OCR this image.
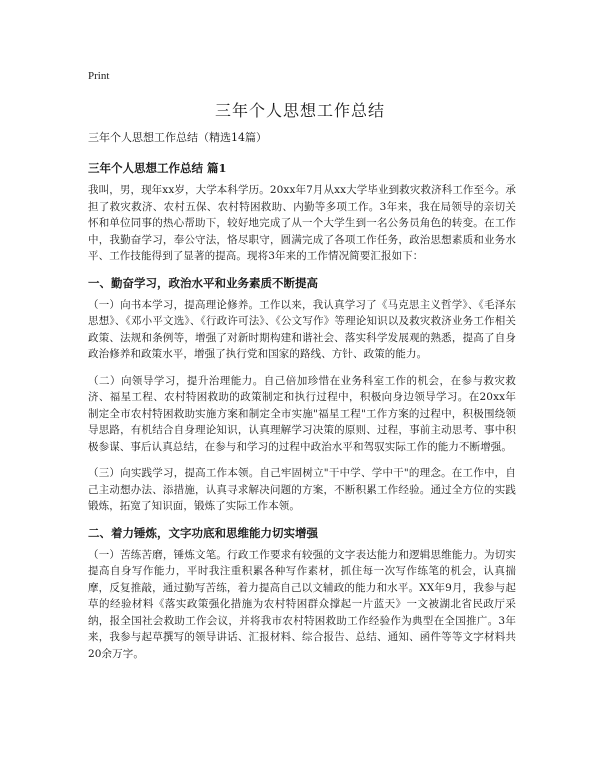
Print
三年个人思想工作总结
三年个人思想工作总结（精选14篇）
三年个人思想工作总结 篇1

我叫，男，现年xx岁，大学本科学历。20xx年7月从xx大学毕业到救灾救济科工作至今。承担了救灾救济、农村五保、农村特困救助、内勤等多项工作。3年来，我在局领导的亲切关怀和单位同事的热心帮助下，较好地完成了从一个大学生到一名公务员角色的转变。在工作中，我勤奋学习，奉公守法，恪尽职守，圆满完成了各项工作任务，政治思想素质和业务水平、工作技能得到了显著的提高。现将3年来的工作情况简要汇报如下：

一、勤奋学习，政治水平和业务素质不断提高

（一）向书本学习，提高理论修养。工作以来，我认真学习了《马克思主义哲学》、《毛泽东思想》、《邓小平文选》、《行政许可法》、《公文写作》等理论知识以及救灾救济业务工作相关政策、法规和条例等，增强了对新时期构建和谐社会、落实科学发展观的熟悉，提高了自身政治修养和政策水平，增强了执行党和国家的路线、方针、政策的能力。

（二）向领导学习，提升治理能力。自己倍加珍惜在业务科室工作的机会，在参与救灾救济、福星工程、农村特困救助的政策制定和执行过程中，积极向身边领导学习。在20xx年制定全市农村特困救助实施方案和制定全市实施"福星工程"工作方案的过程中，积极围绕领导思路，有机结合自身理论知识，认真理解学习决策的原则、过程，事前主动思考、事中积极参谋、事后认真总结，在参与和学习的过程中政治水平和驾驭实际工作的能力不断增强。

（三）向实践学习，提高工作本领。自己牢固树立"干中学、学中干"的理念。在工作中，自己主动想办法、添措施，认真寻求解决问题的方案，不断积累工作经验。通过全方位的实践锻炼，拓宽了知识面，锻炼了实际工作本领。

二、着力锤炼，文字功底和思维能力切实增强

（一）苦练苦磨，锤炼文笔。行政工作要求有较强的文字表达能力和逻辑思维能力。为切实提高自身写作能力，平时我注重积累各种写作素材，抓住每一次写作练笔的机会，认真揣摩，反复推敲，通过勤写苦练，着力提高自己以文辅政的能力和水平。XX年9月，我参与起草的经验材料《落实政策强化措施为农村特困群众撑起一片蓝天》一文被湖北省民政厅采纳，报全国社会救助工作会议，并将我市农村特困救助工作经验作为典型在全国推广。3年来，我参与起草撰写的领导讲话、汇报材料、综合报告、总结、通知、函件等等文字材料共20余万字。
